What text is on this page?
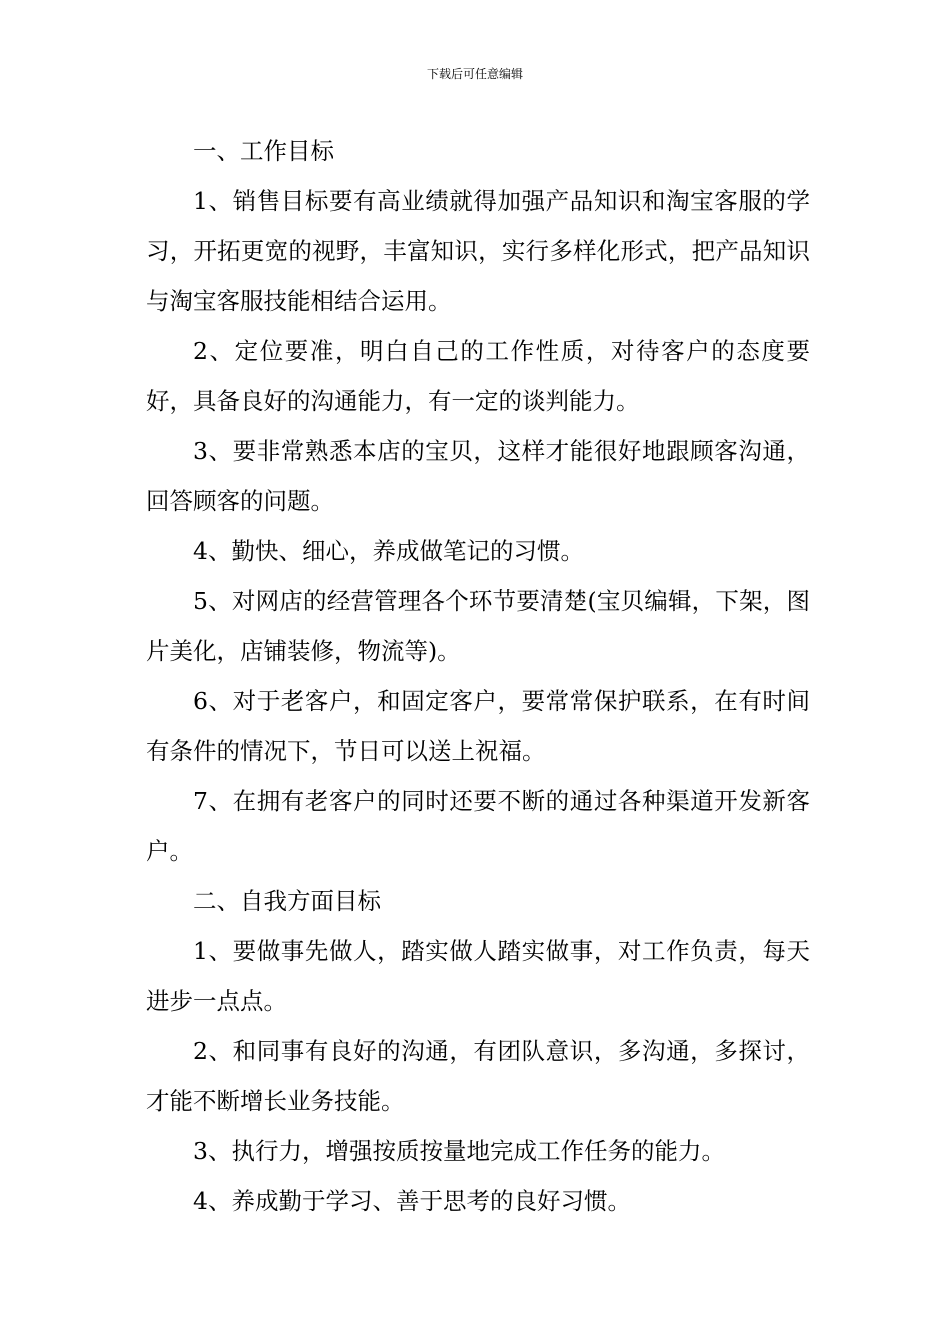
下载后可任意编辑

一、工作目标

1、销售目标要有高业绩就得加强产品知识和淘宝客服的学习，开拓更宽的视野，丰富知识，实行多样化形式，把产品知识与淘宝客服技能相结合运用。

2、定位要准，明白自己的工作性质，对待客户的态度要好，具备良好的沟通能力，有一定的谈判能力。

3、要非常熟悉本店的宝贝，这样才能很好地跟顾客沟通，回答顾客的问题。

4、勤快、细心，养成做笔记的习惯。

5、对网店的经营管理各个环节要清楚(宝贝编辑，下架，图片美化，店铺装修，物流等)。

6、对于老客户，和固定客户，要常常保护联系，在有时间有条件的情况下，节日可以送上祝福。

7、在拥有老客户的同时还要不断的通过各种渠道开发新客户。

二、自我方面目标

1、要做事先做人，踏实做人踏实做事，对工作负责，每天进步一点点。

2、和同事有良好的沟通，有团队意识，多沟通，多探讨，才能不断增长业务技能。

3、执行力，增强按质按量地完成工作任务的能力。

4、养成勤于学习、善于思考的良好习惯。
